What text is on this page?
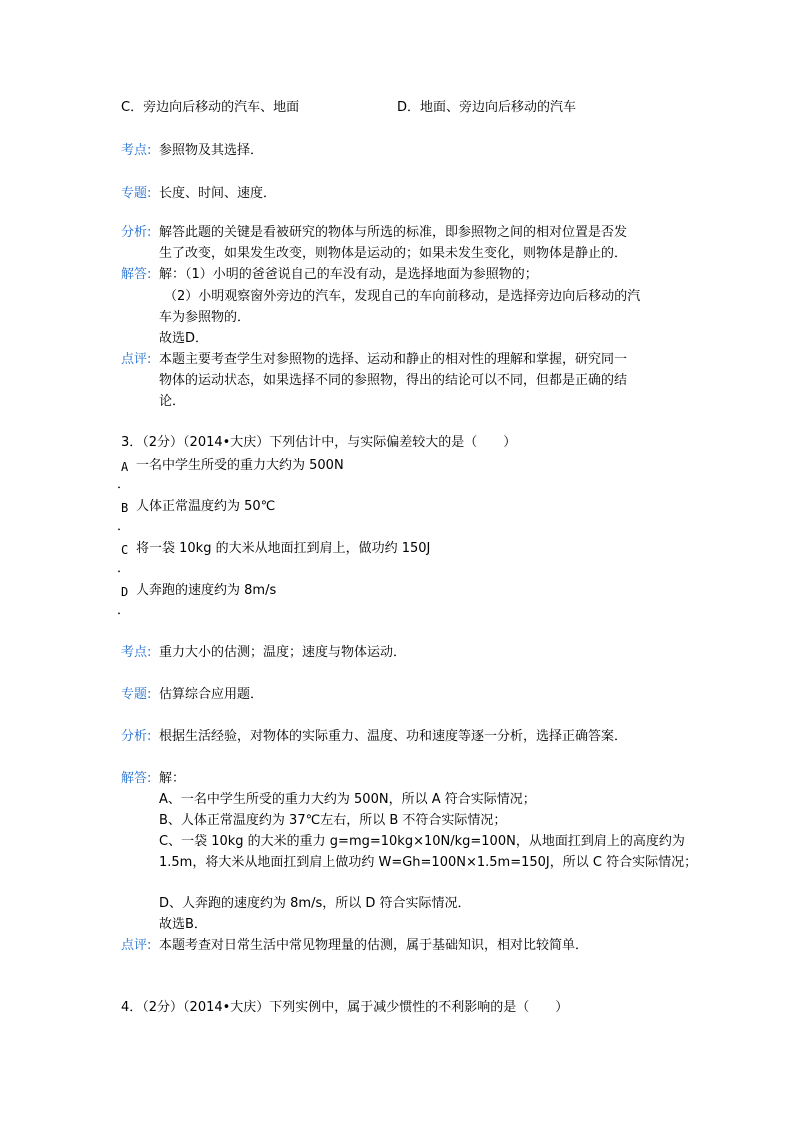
C．旁边向后移动的汽车、地面	D．地面、旁边向后移动的汽车
考点: 参照物及其选择．
专题: 长度、时间、速度．
分析: 解答此题的关键是看被研究的物体与所选的标准，即参照物之间的相对位置是否发
生了改变，如果发生改变，则物体是运动的；如果未发生变化，则物体是静止的．
解答: 解：（1）小明的爸爸说自己的车没有动，是选择地面为参照物的；
（2）小明观察窗外旁边的汽车，发现自己的车向前移动，是选择旁边向后移动的汽
车为参照物的．
故选D．
点评: 本题主要考查学生对参照物的选择、运动和静止的相对性的理解和掌握，研究同一
物体的运动状态，如果选择不同的参照物，得出的结论可以不同，但都是正确的结
论．
3．（2分）（2014•大庆）下列估计中，与实际偏差较大的是（　　）
A 一名中学生所受的重力大约为 500N
．
B 人体正常温度约为 50℃
．
C 将一袋 10kg 的大米从地面扛到肩上，做功约 150J
．
D 人奔跑的速度约为 8m/s
．
考点: 重力大小的估测；温度；速度与物体运动．
专题: 估算综合应用题．
分析: 根据生活经验，对物体的实际重力、温度、功和速度等逐一分析，选择正确答案．
解答: 解：
A、一名中学生所受的重力大约为 500N，所以 A 符合实际情况；
B、人体正常温度约为 37℃左右，所以 B 不符合实际情况；
C、一袋 10kg 的大米的重力 g=mg=10kg×10N/kg=100N，从地面扛到肩上的高度约为
1.5m，将大米从地面扛到肩上做功约 W=Gh=100N×1.5m=150J，所以 C 符合实际情况；
D、人奔跑的速度约为 8m/s，所以 D 符合实际情况．
故选B．
点评: 本题考查对日常生活中常见物理量的估测，属于基础知识，相对比较简单．
4．（2分）（2014•大庆）下列实例中，属于减少惯性的不利影响的是（　　）
